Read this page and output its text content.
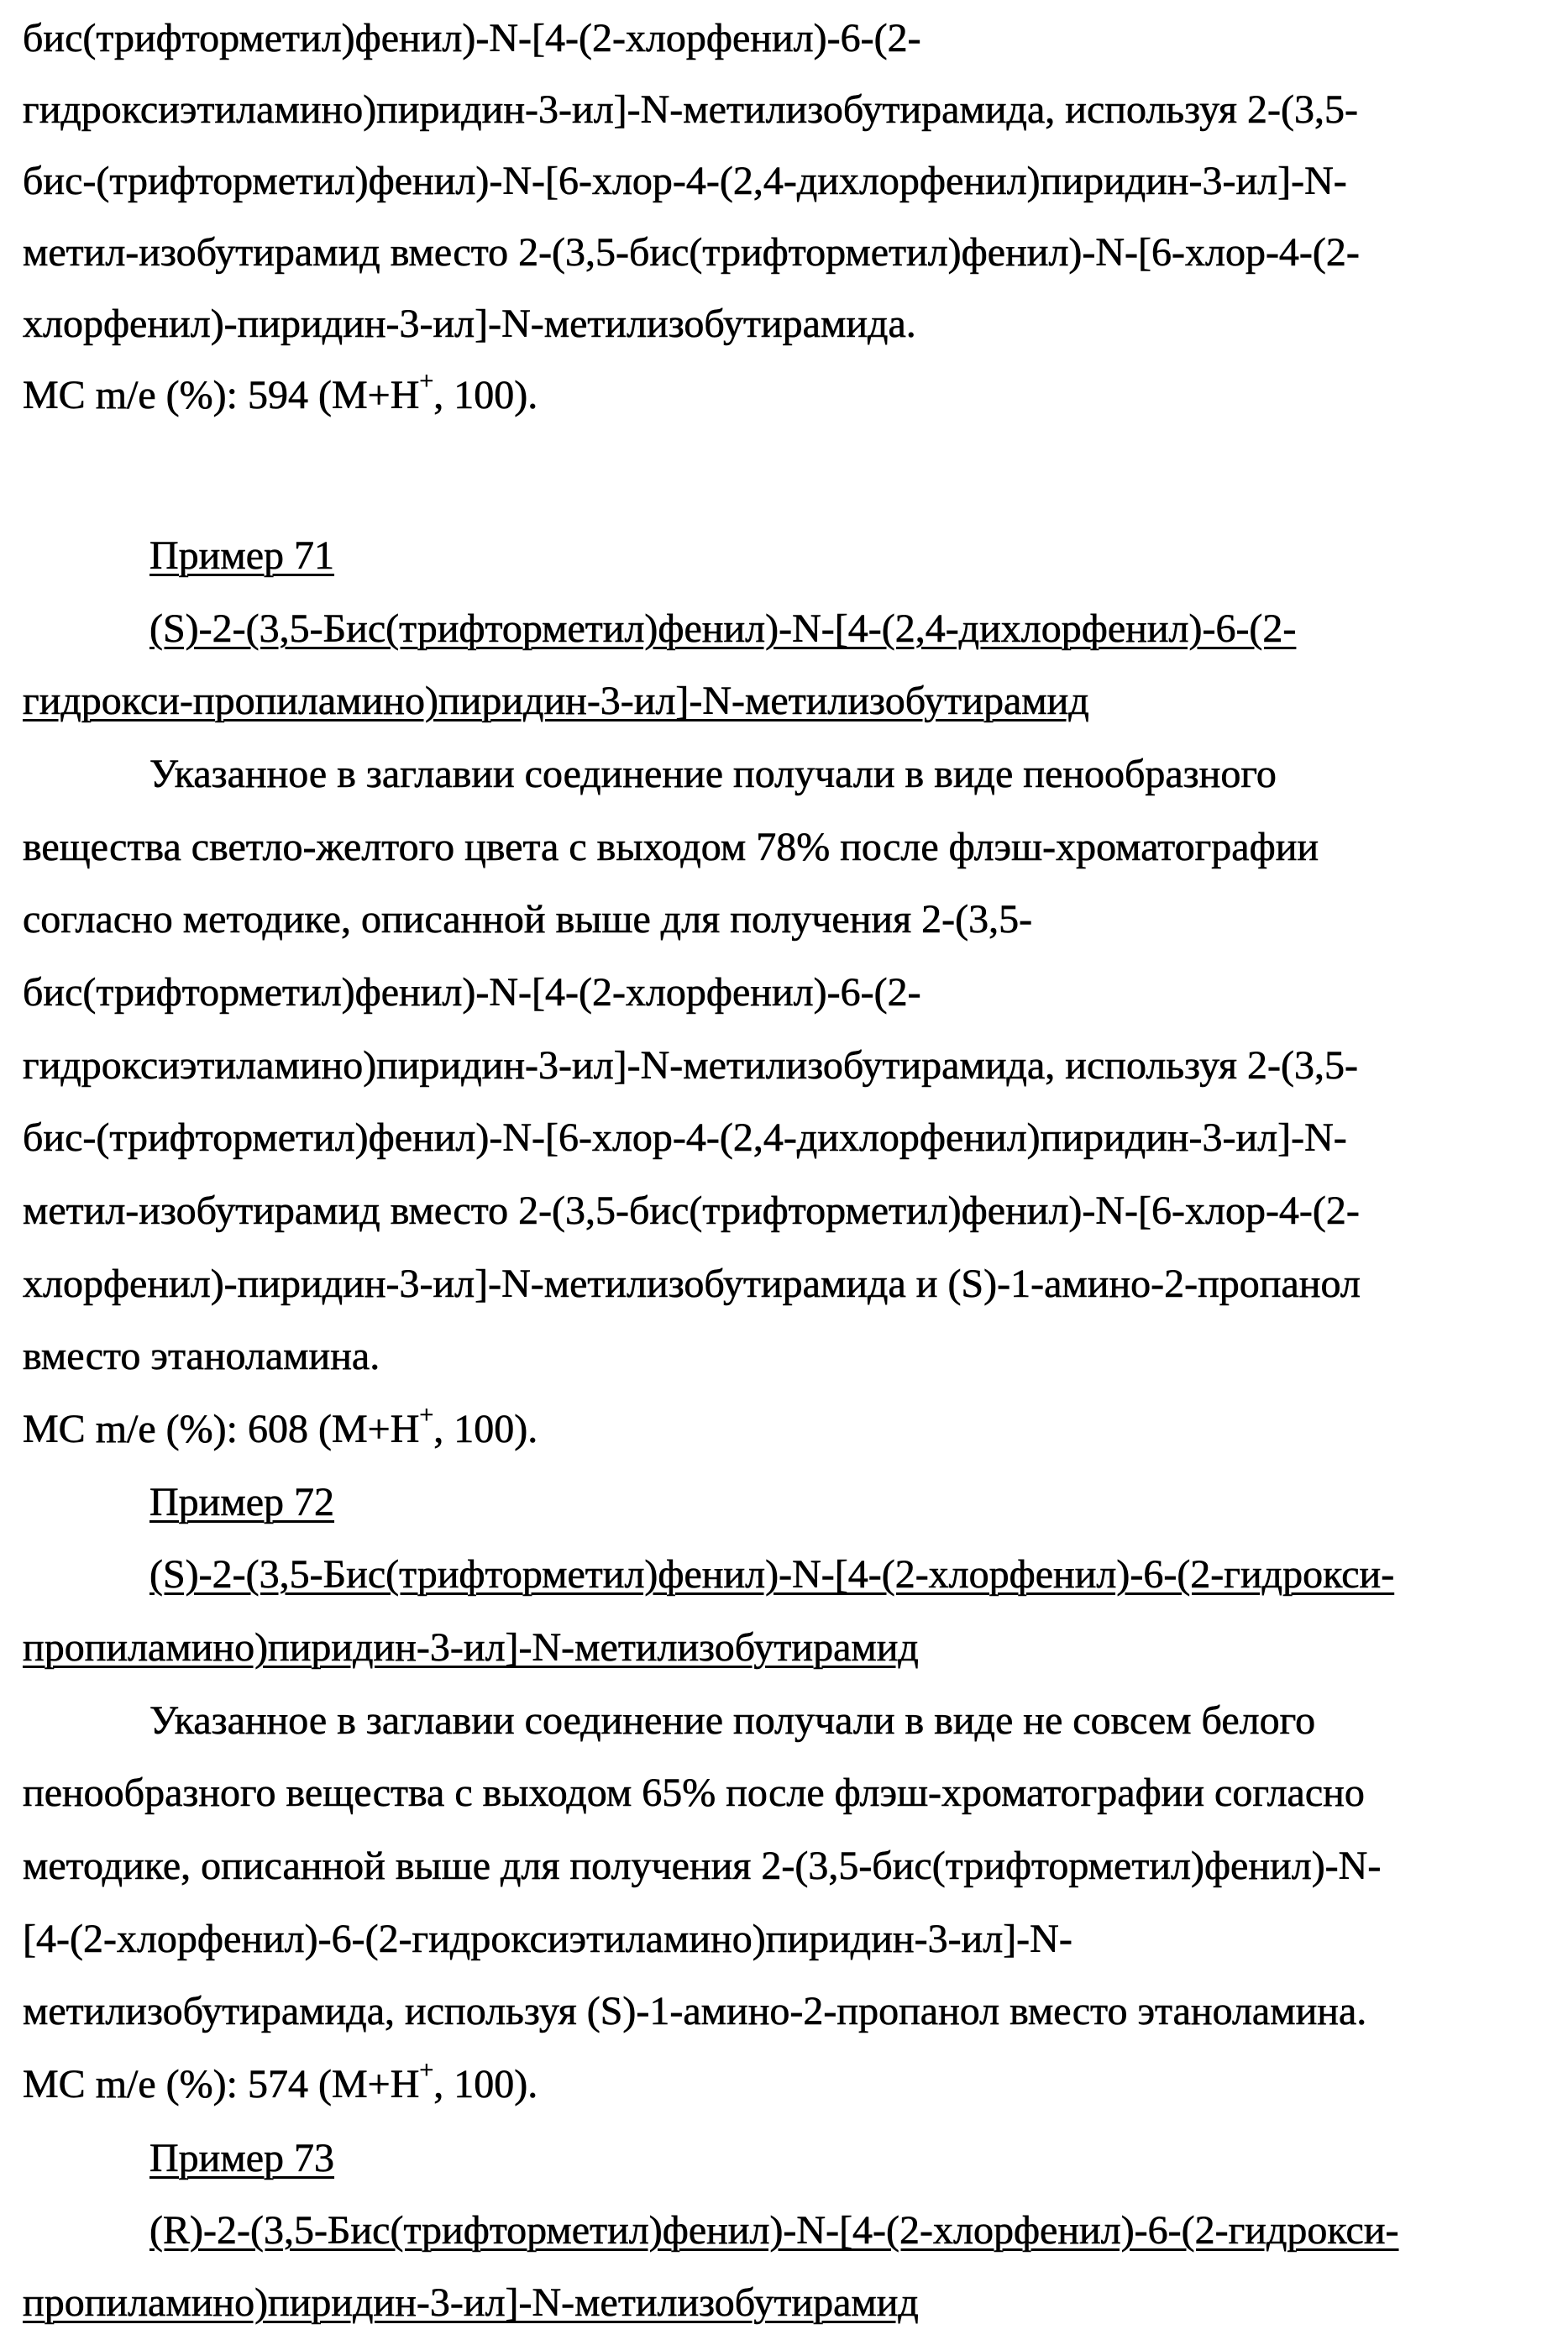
бис(трифторметил)фенил)-N-[4-(2-хлорфенил)-6-(2-
гидроксиэтиламино)пиридин-3-ил]-N-метилизобутирамида, используя 2-(3,5-
бис-(трифторметил)фенил)-N-[6-хлор-4-(2,4-дихлорфенил)пиридин-3-ил]-N-
метил-изобутирамид вместо 2-(3,5-бис(трифторметил)фенил)-N-[6-хлор-4-(2-
хлорфенил)-пиридин-3-ил]-N-метилизобутирамида.
MC m/e (%): 594 (M+H+, 100).
Пример 71
(S)-2-(3,5-Бис(трифторметил)фенил)-N-[4-(2,4-дихлорфенил)-6-(2-
гидрокси-пропиламино)пиридин-3-ил]-N-метилизобутирамид
Указанное в заглавии соединение получали в виде пенообразного
вещества светло-желтого цвета с выходом 78% после флэш-хроматографии
согласно методике, описанной выше для получения 2-(3,5-
бис(трифторметил)фенил)-N-[4-(2-хлорфенил)-6-(2-
гидроксиэтиламино)пиридин-3-ил]-N-метилизобутирамида, используя 2-(3,5-
бис-(трифторметил)фенил)-N-[6-хлор-4-(2,4-дихлорфенил)пиридин-3-ил]-N-
метил-изобутирамид вместо 2-(3,5-бис(трифторметил)фенил)-N-[6-хлор-4-(2-
хлорфенил)-пиридин-3-ил]-N-метилизобутирамида и (S)-1-амино-2-пропанол
вместо этаноламина.
MC m/e (%): 608 (M+H+, 100).
Пример 72
(S)-2-(3,5-Бис(трифторметил)фенил)-N-[4-(2-хлорфенил)-6-(2-гидрокси-
пропиламино)пиридин-3-ил]-N-метилизобутирамид
Указанное в заглавии соединение получали в виде не совсем белого
пенообразного вещества с выходом 65% после флэш-хроматографии согласно
методике, описанной выше для получения 2-(3,5-бис(трифторметил)фенил)-N-
[4-(2-хлорфенил)-6-(2-гидроксиэтиламино)пиридин-3-ил]-N-
метилизобутирамида, используя (S)-1-амино-2-пропанол вместо этаноламина.
MC m/e (%): 574 (M+H+, 100).
Пример 73
(R)-2-(3,5-Бис(трифторметил)фенил)-N-[4-(2-хлорфенил)-6-(2-гидрокси-
пропиламино)пиридин-3-ил]-N-метилизобутирамид
